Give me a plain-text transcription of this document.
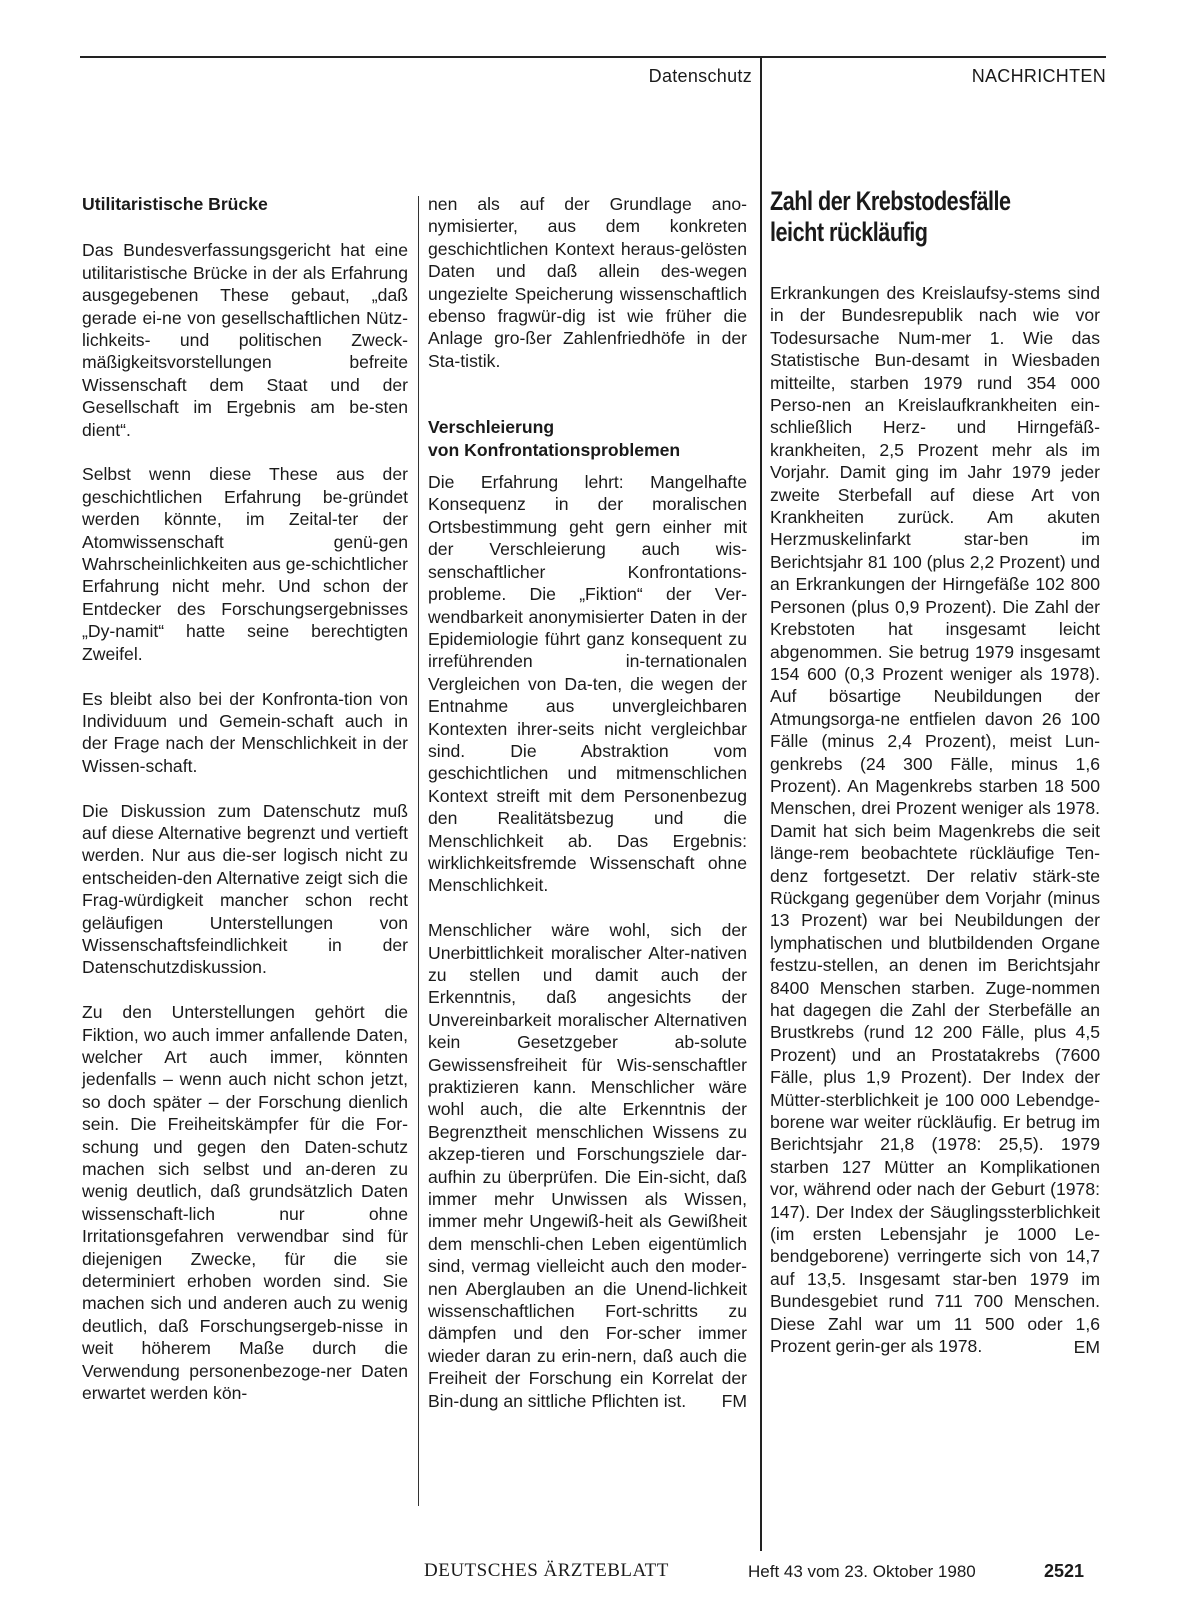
Datenschutz	NACHRICHTEN
Utilitaristische Brücke

Das Bundesverfassungsgericht hat eine utilitaristische Brücke in der als Erfahrung ausgegebenen These gebaut, „daß gerade ei-ne von gesellschaftlichen Nütz-lichkeits- und politischen Zweck-mäßigkeitsvorstellungen befreite Wissenschaft dem Staat und der Gesellschaft im Ergebnis am be-sten dient“.

Selbst wenn diese These aus der geschichtlichen Erfahrung be-gründet werden könnte, im Zeital-ter der Atomwissenschaft genü-gen Wahrscheinlichkeiten aus ge-schichtlicher Erfahrung nicht mehr. Und schon der Entdecker des Forschungsergebnisses „Dy-namit“ hatte seine berechtigten Zweifel.

Es bleibt also bei der Konfronta-tion von Individuum und Gemein-schaft auch in der Frage nach der Menschlichkeit in der Wissen-schaft.

Die Diskussion zum Datenschutz muß auf diese Alternative begrenzt und vertieft werden. Nur aus die-ser logisch nicht zu entscheiden-den Alternative zeigt sich die Frag-würdigkeit mancher schon recht geläufigen Unterstellungen von Wissenschaftsfeindlichkeit in der Datenschutzdiskussion.

Zu den Unterstellungen gehört die Fiktion, wo auch immer anfallende Daten, welcher Art auch immer, könnten jedenfalls – wenn auch nicht schon jetzt, so doch später – der Forschung dienlich sein. Die Freiheitskämpfer für die For-schung und gegen den Daten-schutz machen sich selbst und an-deren zu wenig deutlich, daß grundsätzlich Daten wissenschaft-lich nur ohne Irritationsgefahren verwendbar sind für diejenigen Zwecke, für die sie determiniert erhoben worden sind. Sie machen sich und anderen auch zu wenig deutlich, daß Forschungsergeb-nisse in weit höherem Maße durch die Verwendung personenbezoge-ner Daten erwartet werden kön-

nen als auf der Grundlage ano-nymisierter, aus dem konkreten geschichtlichen Kontext heraus-gelösten Daten und daß allein des-wegen ungezielte Speicherung wissenschaftlich ebenso fragwür-dig ist wie früher die Anlage gro-ßer Zahlenfriedhöfe in der Sta-tistik.

Verschleierung
von Konfrontationsproblemen

Die Erfahrung lehrt: Mangelhafte Konsequenz in der moralischen Ortsbestimmung geht gern einher mit der Verschleierung auch wis-senschaftlicher Konfrontations-probleme. Die „Fiktion“ der Ver-wendbarkeit anonymisierter Daten in der Epidemiologie führt ganz konsequent zu irreführenden in-ternationalen Vergleichen von Da-ten, die wegen der Entnahme aus unvergleichbaren Kontexten ihrer-seits nicht vergleichbar sind. Die Abstraktion vom geschichtlichen und mitmenschlichen Kontext streift mit dem Personenbezug den Realitätsbezug und die Menschlichkeit ab. Das Ergebnis: wirklichkeitsfremde Wissenschaft ohne Menschlichkeit.

Menschlicher wäre wohl, sich der Unerbittlichkeit moralischer Alter-nativen zu stellen und damit auch der Erkenntnis, daß angesichts der Unvereinbarkeit moralischer Alternativen kein Gesetzgeber ab-solute Gewissensfreiheit für Wis-senschaftler praktizieren kann. Menschlicher wäre wohl auch, die alte Erkenntnis der Begrenztheit menschlichen Wissens zu akzep-tieren und Forschungsziele dar-aufhin zu überprüfen. Die Ein-sicht, daß immer mehr Unwissen als Wissen, immer mehr Ungewiß-heit als Gewißheit dem menschli-chen Leben eigentümlich sind, vermag vielleicht auch den moder-nen Aberglauben an die Unend-lichkeit wissenschaftlichen Fort-schritts zu dämpfen und den For-scher immer wieder daran zu erin-nern, daß auch die Freiheit der Forschung ein Korrelat der Bin-dung an sittliche Pflichten ist.	FM
Zahl der Krebstodesfälle
leicht rückläufig

Erkrankungen des Kreislaufsy-stems sind in der Bundesrepublik nach wie vor Todesursache Num-mer 1. Wie das Statistische Bun-desamt in Wiesbaden mitteilte, starben 1979 rund 354 000 Perso-nen an Kreislaufkrankheiten ein-schließlich Herz- und Hirngefäß-krankheiten, 2,5 Prozent mehr als im Vorjahr. Damit ging im Jahr 1979 jeder zweite Sterbefall auf diese Art von Krankheiten zurück. Am akuten Herzmuskelinfarkt star-ben im Berichtsjahr 81 100 (plus 2,2 Prozent) und an Erkrankungen der Hirngefäße 102 800 Personen (plus 0,9 Prozent). Die Zahl der Krebstoten hat insgesamt leicht abgenommen. Sie betrug 1979 insgesamt 154 600 (0,3 Prozent weniger als 1978). Auf bösartige Neubildungen der Atmungsorga-ne entfielen davon 26 100 Fälle (minus 2,4 Prozent), meist Lun-genkrebs (24 300 Fälle, minus 1,6 Prozent). An Magenkrebs starben 18 500 Menschen, drei Prozent weniger als 1978. Damit hat sich beim Magenkrebs die seit länge-rem beobachtete rückläufige Ten-denz fortgesetzt. Der relativ stärk-ste Rückgang gegenüber dem Vorjahr (minus 13 Prozent) war bei Neubildungen der lymphatischen und blutbildenden Organe festzu-stellen, an denen im Berichtsjahr 8400 Menschen starben. Zuge-nommen hat dagegen die Zahl der Sterbefälle an Brustkrebs (rund 12 200 Fälle, plus 4,5 Prozent) und an Prostatakrebs (7600 Fälle, plus 1,9 Prozent). Der Index der Mütter-sterblichkeit je 100 000 Lebendge-borene war weiter rückläufig. Er betrug im Berichtsjahr 21,8 (1978: 25,5). 1979 starben 127 Mütter an Komplikationen vor, während oder nach der Geburt (1978: 147). Der Index der Säuglingssterblichkeit (im ersten Lebensjahr je 1000 Le-bendgeborene) verringerte sich von 14,7 auf 13,5. Insgesamt star-ben 1979 im Bundesgebiet rund 711 700 Menschen. Diese Zahl war um 11 500 oder 1,6 Prozent gerin-ger als 1978.	EM
DEUTSCHES ÄRZTEBLATT	Heft 43 vom 23. Oktober 1980	2521
